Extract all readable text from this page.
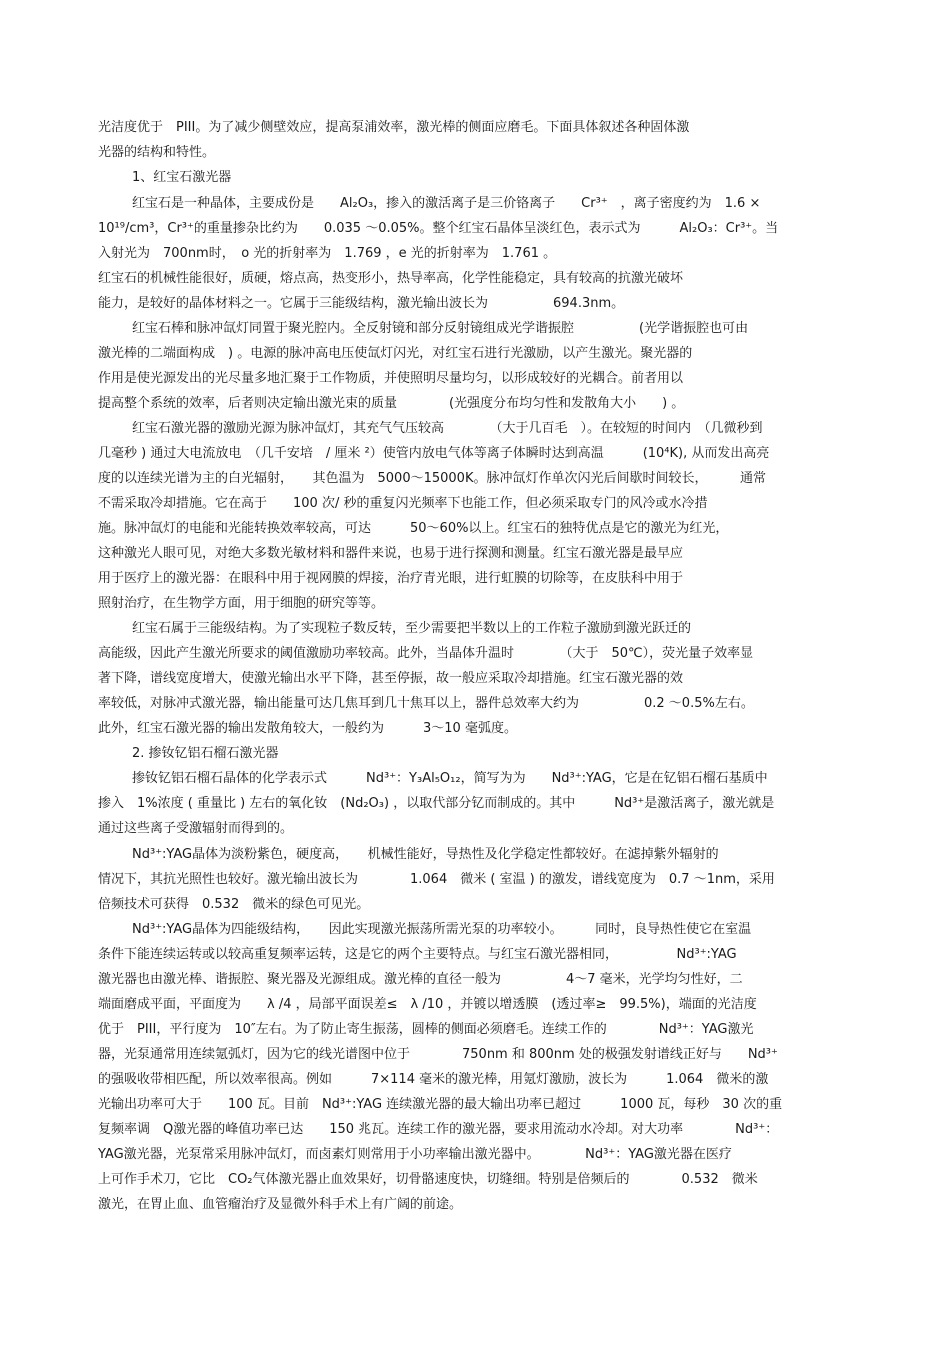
光洁度优于　PIII。为了减少侧壁效应，提高泵浦效率，激光棒的侧面应磨毛。下面具体叙述各种固体激
光器的结构和特性。
1、红宝石激光器
红宝石是一种晶体，主要成份是　　Al₂O₃，掺入的激活离子是三价铬离子　　Cr³⁺　，离子密度约为　1.6 ×
10¹⁹/cm³，Cr³⁺的重量掺杂比约为　　0.035 ～0.05%。整个红宝石晶体呈淡红色，表示式为　　　Al₂O₃：Cr³⁺。当
入射光为　700nm时，　o 光的折射率为　1.769 ，e 光的折射率为　1.761 。
红宝石的机械性能很好，质硬，熔点高，热变形小，热导率高，化学性能稳定，具有较高的抗激光破坏
能力，是较好的晶体材料之一。它属于三能级结构，激光输出波长为　　　　　694.3nm。
红宝石棒和脉冲氙灯同置于聚光腔内。全反射镜和部分反射镜组成光学谐振腔　　　　　(光学谐振腔也可由
激光棒的二端面构成　) 。电源的脉冲高电压使氙灯闪光，对红宝石进行光激励，以产生激光。聚光器的
作用是使光源发出的光尽量多地汇聚于工作物质，并使照明尽量均匀，以形成较好的光耦合。前者用以
提高整个系统的效率，后者则决定输出激光束的质量　　　　(光强度分布均匀性和发散角大小　　) 。
红宝石激光器的激励光源为脉冲氙灯，其充气气压较高　　　　（大于几百毛　）。在较短的时间内　（几微秒到
几毫秒 ) 通过大电流放电　（几千安培　/ 厘米 ²）使管内放电气体等离子体瞬时达到高温　　　(10⁴K), 从而发出高亮
度的以连续光谱为主的白光辐射，　　其色温为　5000～15000K。脉冲氙灯作单次闪光后间歇时间较长，　　　通常
不需采取冷却措施。它在高于　　100 次/ 秒的重复闪光频率下也能工作，但必须采取专门的风冷或水冷措
施。脉冲氙灯的电能和光能转换效率较高，可达　　　50～60%以上。红宝石的独特优点是它的激光为红光，
这种激光人眼可见，对绝大多数光敏材料和器件来说，也易于进行探测和测量。红宝石激光器是最早应
用于医疗上的激光器：在眼科中用于视网膜的焊接，治疗青光眼，进行虹膜的切除等，在皮肤科中用于
照射治疗，在生物学方面，用于细胞的研究等等。
红宝石属于三能级结构。为了实现粒子数反转，至少需要把半数以上的工作粒子激励到激光跃迁的
高能级，因此产生激光所要求的阈值激励功率较高。此外，当晶体升温时　　　　（大于　50℃），荧光量子效率显
著下降，谱线宽度增大，使激光输出水平下降，甚至停振，故一般应采取冷却措施。红宝石激光器的效
率较低，对脉冲式激光器，输出能量可达几焦耳到几十焦耳以上，器件总效率大约为　　　　　0.2 ～0.5%左右。
此外，红宝石激光器的输出发散角较大，一般约为　　　3～10 毫弧度。
2. 掺钕钇铝石榴石激光器
掺钕钇铝石榴石晶体的化学表示式　　　Nd³⁺：Y₃Al₅O₁₂，简写为为　　Nd³⁺:YAG，它是在钇铝石榴石基质中
掺入　1%浓度 ( 重量比 ) 左右的氧化钕　(Nd₂O₃) ，以取代部分钇而制成的。其中　　　Nd³⁺是激活离子，激光就是
通过这些离子受激辐射而得到的。
Nd³⁺:YAG晶体为淡粉紫色，硬度高，　　机械性能好，导热性及化学稳定性都较好。在滤掉紫外辐射的
情况下，其抗光照性也较好。激光输出波长为　　　　1.064　微米 ( 室温 ) 的激发，谱线宽度为　0.7 ～1nm，采用
倍频技术可获得　0.532　微米的绿色可见光。
Nd³⁺:YAG晶体为四能级结构，　　因此实现激光振荡所需光泵的功率较小。　　　同时，良导热性使它在室温
条件下能连续运转或以较高重复频率运转，这是它的两个主要特点。与红宝石激光器相同，　　　　　Nd³⁺:YAG
激光器也由激光棒、谐振腔、聚光器及光源组成。激光棒的直径一般为　　　　　4～7 毫米，光学均匀性好，二
端面磨成平面，平面度为　　λ /4 ，局部平面误差≤　λ /10 ，并镀以增透膜　(透过率≥　99.5%)，端面的光洁度
优于　PIII，平行度为　10″左右。为了防止寄生振荡，圆棒的侧面必须磨毛。连续工作的　　　　Nd³⁺：YAG激光
器，光泵通常用连续氪弧灯，因为它的线光谱图中位于　　　　750nm 和 800nm 处的极强发射谱线正好与　　Nd³⁺
的强吸收带相匹配，所以效率很高。例如　　　7×114 毫米的激光棒，用氪灯激励，波长为　　　1.064　微米的激
光输出功率可大于　　100 瓦。目前　Nd³⁺:YAG 连续激光器的最大输出功率已超过　　　1000 瓦，每秒　30 次的重
复频率调　Q激光器的峰值功率已达　　150 兆瓦。连续工作的激光器，要求用流动水冷却。对大功率　　　　Nd³⁺：
YAG激光器，光泵常采用脉冲氙灯，而卤素灯则常用于小功率输出激光器中。　　　　Nd³⁺：YAG激光器在医疗
上可作手术刀，它比　CO₂气体激光器止血效果好，切骨骼速度快，切缝细。特别是倍频后的　　　　0.532　微米
激光，在胃止血、血管瘤治疗及显微外科手术上有广阔的前途。
